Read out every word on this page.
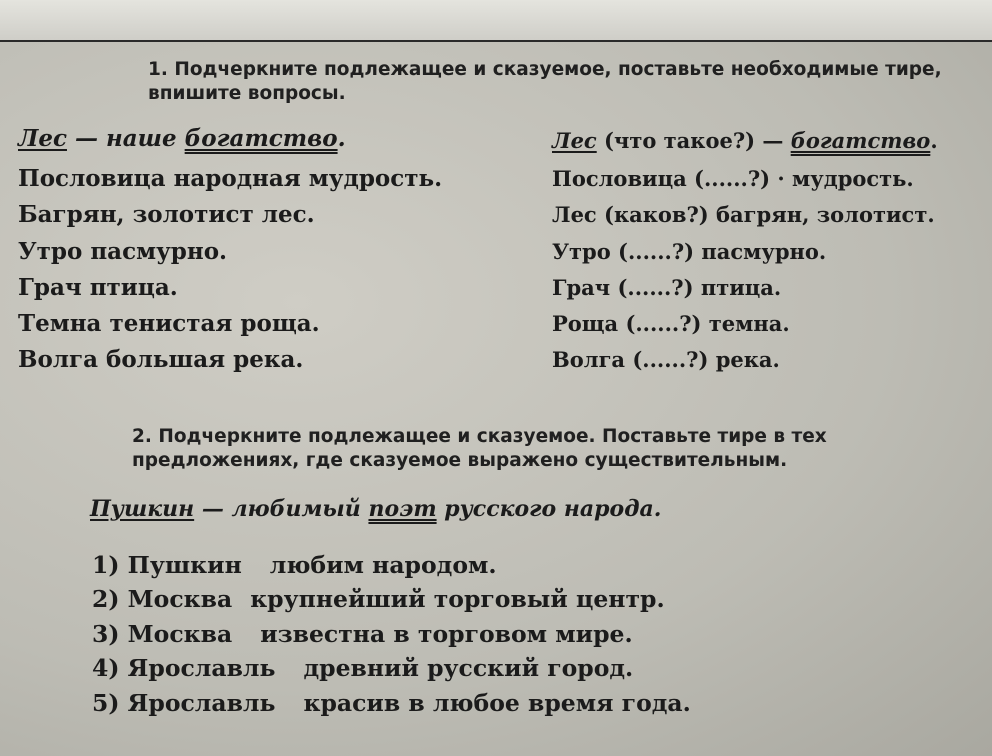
1. Подчеркните подлежащее и сказуемое, поставьте необходимые тире, впишите вопросы.

Лес — наше богатство.	Лес (что такое?) — богатство.
Пословица народная мудрость.
Багрян, золотист лес.
Утро пасмурно.
Грач птица.
Темна тенистая роща.
Волга большая река.
Пословица (......?) · мудрость.
Лес (каков?) багрян, золотист.
Утро (......?) пасмурно.
Грач (......?) птица.
Роща (......?) темна.
Волга (......?) река.

2. Подчеркните подлежащее и сказуемое. Поставьте тире в тех предложениях, где сказуемое выражено существительным.

Пушкин — любимый поэт русского народа.
1) Пушкин любим народом.
2) Москва крупнейший торговый центр.
3) Москва известна в торговом мире.
4) Ярославль древний русский город.
5) Ярославль красив в любое время года.
